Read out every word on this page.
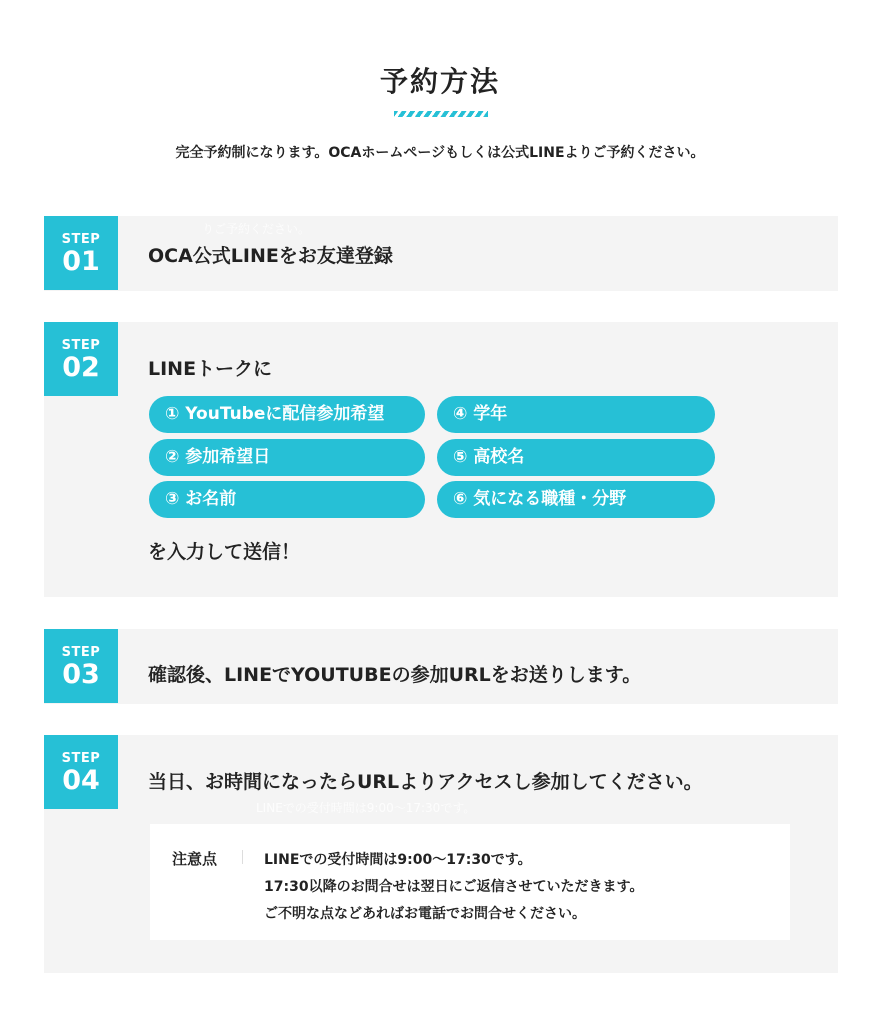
予約方法
完全予約制になります。OCAホームページもしくは公式LINEよりご予約ください。
りご予約ください。
STEP
01	OCA公式LINEをお友達登録
STEP
02	LINEトークに
① YouTubeに配信参加希望	④ 学年
② 参加希望日	⑤ 高校名
③ お名前	⑥ 気になる職種・分野
を入力して送信！
STEP
03	確認後、LINEでYOUTUBEの参加URLをお送りします。
STEP
04	当日、お時間になったらURLよりアクセスし参加してください。
LINEでの受付時間は9:00～17:30です。
注意点	LINEでの受付時間は9:00～17:30です。
17:30以降のお問合せは翌日にご返信させていただきます。
ご不明な点などあればお電話でお問合せください。
